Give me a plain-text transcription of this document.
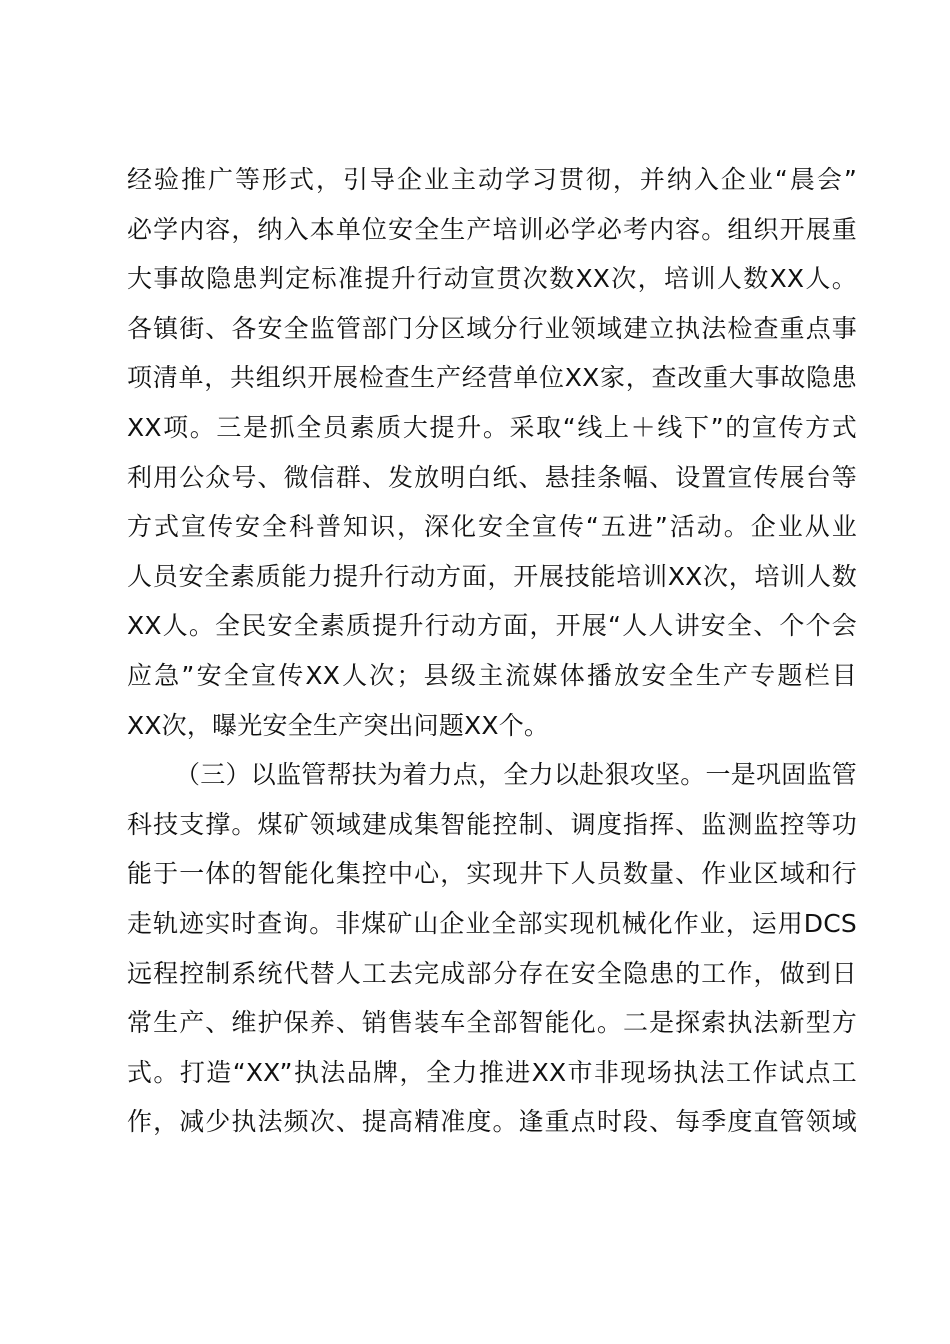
经验推广等形式，引导企业主动学习贯彻，并纳入企业“晨会”
必学内容，纳入本单位安全生产培训必学必考内容。组织开展重
大事故隐患判定标准提升行动宣贯次数XX次，培训人数XX人。
各镇街、各安全监管部门分区域分行业领域建立执法检查重点事
项清单，共组织开展检查生产经营单位XX家，查改重大事故隐患
XX项。三是抓全员素质大提升。采取“线上＋线下”的宣传方式
利用公众号、微信群、发放明白纸、悬挂条幅、设置宣传展台等
方式宣传安全科普知识，深化安全宣传“五进”活动。企业从业
人员安全素质能力提升行动方面，开展技能培训XX次，培训人数
XX人。全民安全素质提升行动方面，开展“人人讲安全、个个会
应急”安全宣传XX人次；县级主流媒体播放安全生产专题栏目
XX次，曝光安全生产突出问题XX个。
（三）以监管帮扶为着力点，全力以赴狠攻坚。一是巩固监管
科技支撑。煤矿领域建成集智能控制、调度指挥、监测监控等功
能于一体的智能化集控中心，实现井下人员数量、作业区域和行
走轨迹实时查询。非煤矿山企业全部实现机械化作业，运用DCS
远程控制系统代替人工去完成部分存在安全隐患的工作，做到日
常生产、维护保养、销售装车全部智能化。二是探索执法新型方
式。打造“XX”执法品牌，全力推进XX市非现场执法工作试点工
作，减少执法频次、提高精准度。逢重点时段、每季度直管领域
